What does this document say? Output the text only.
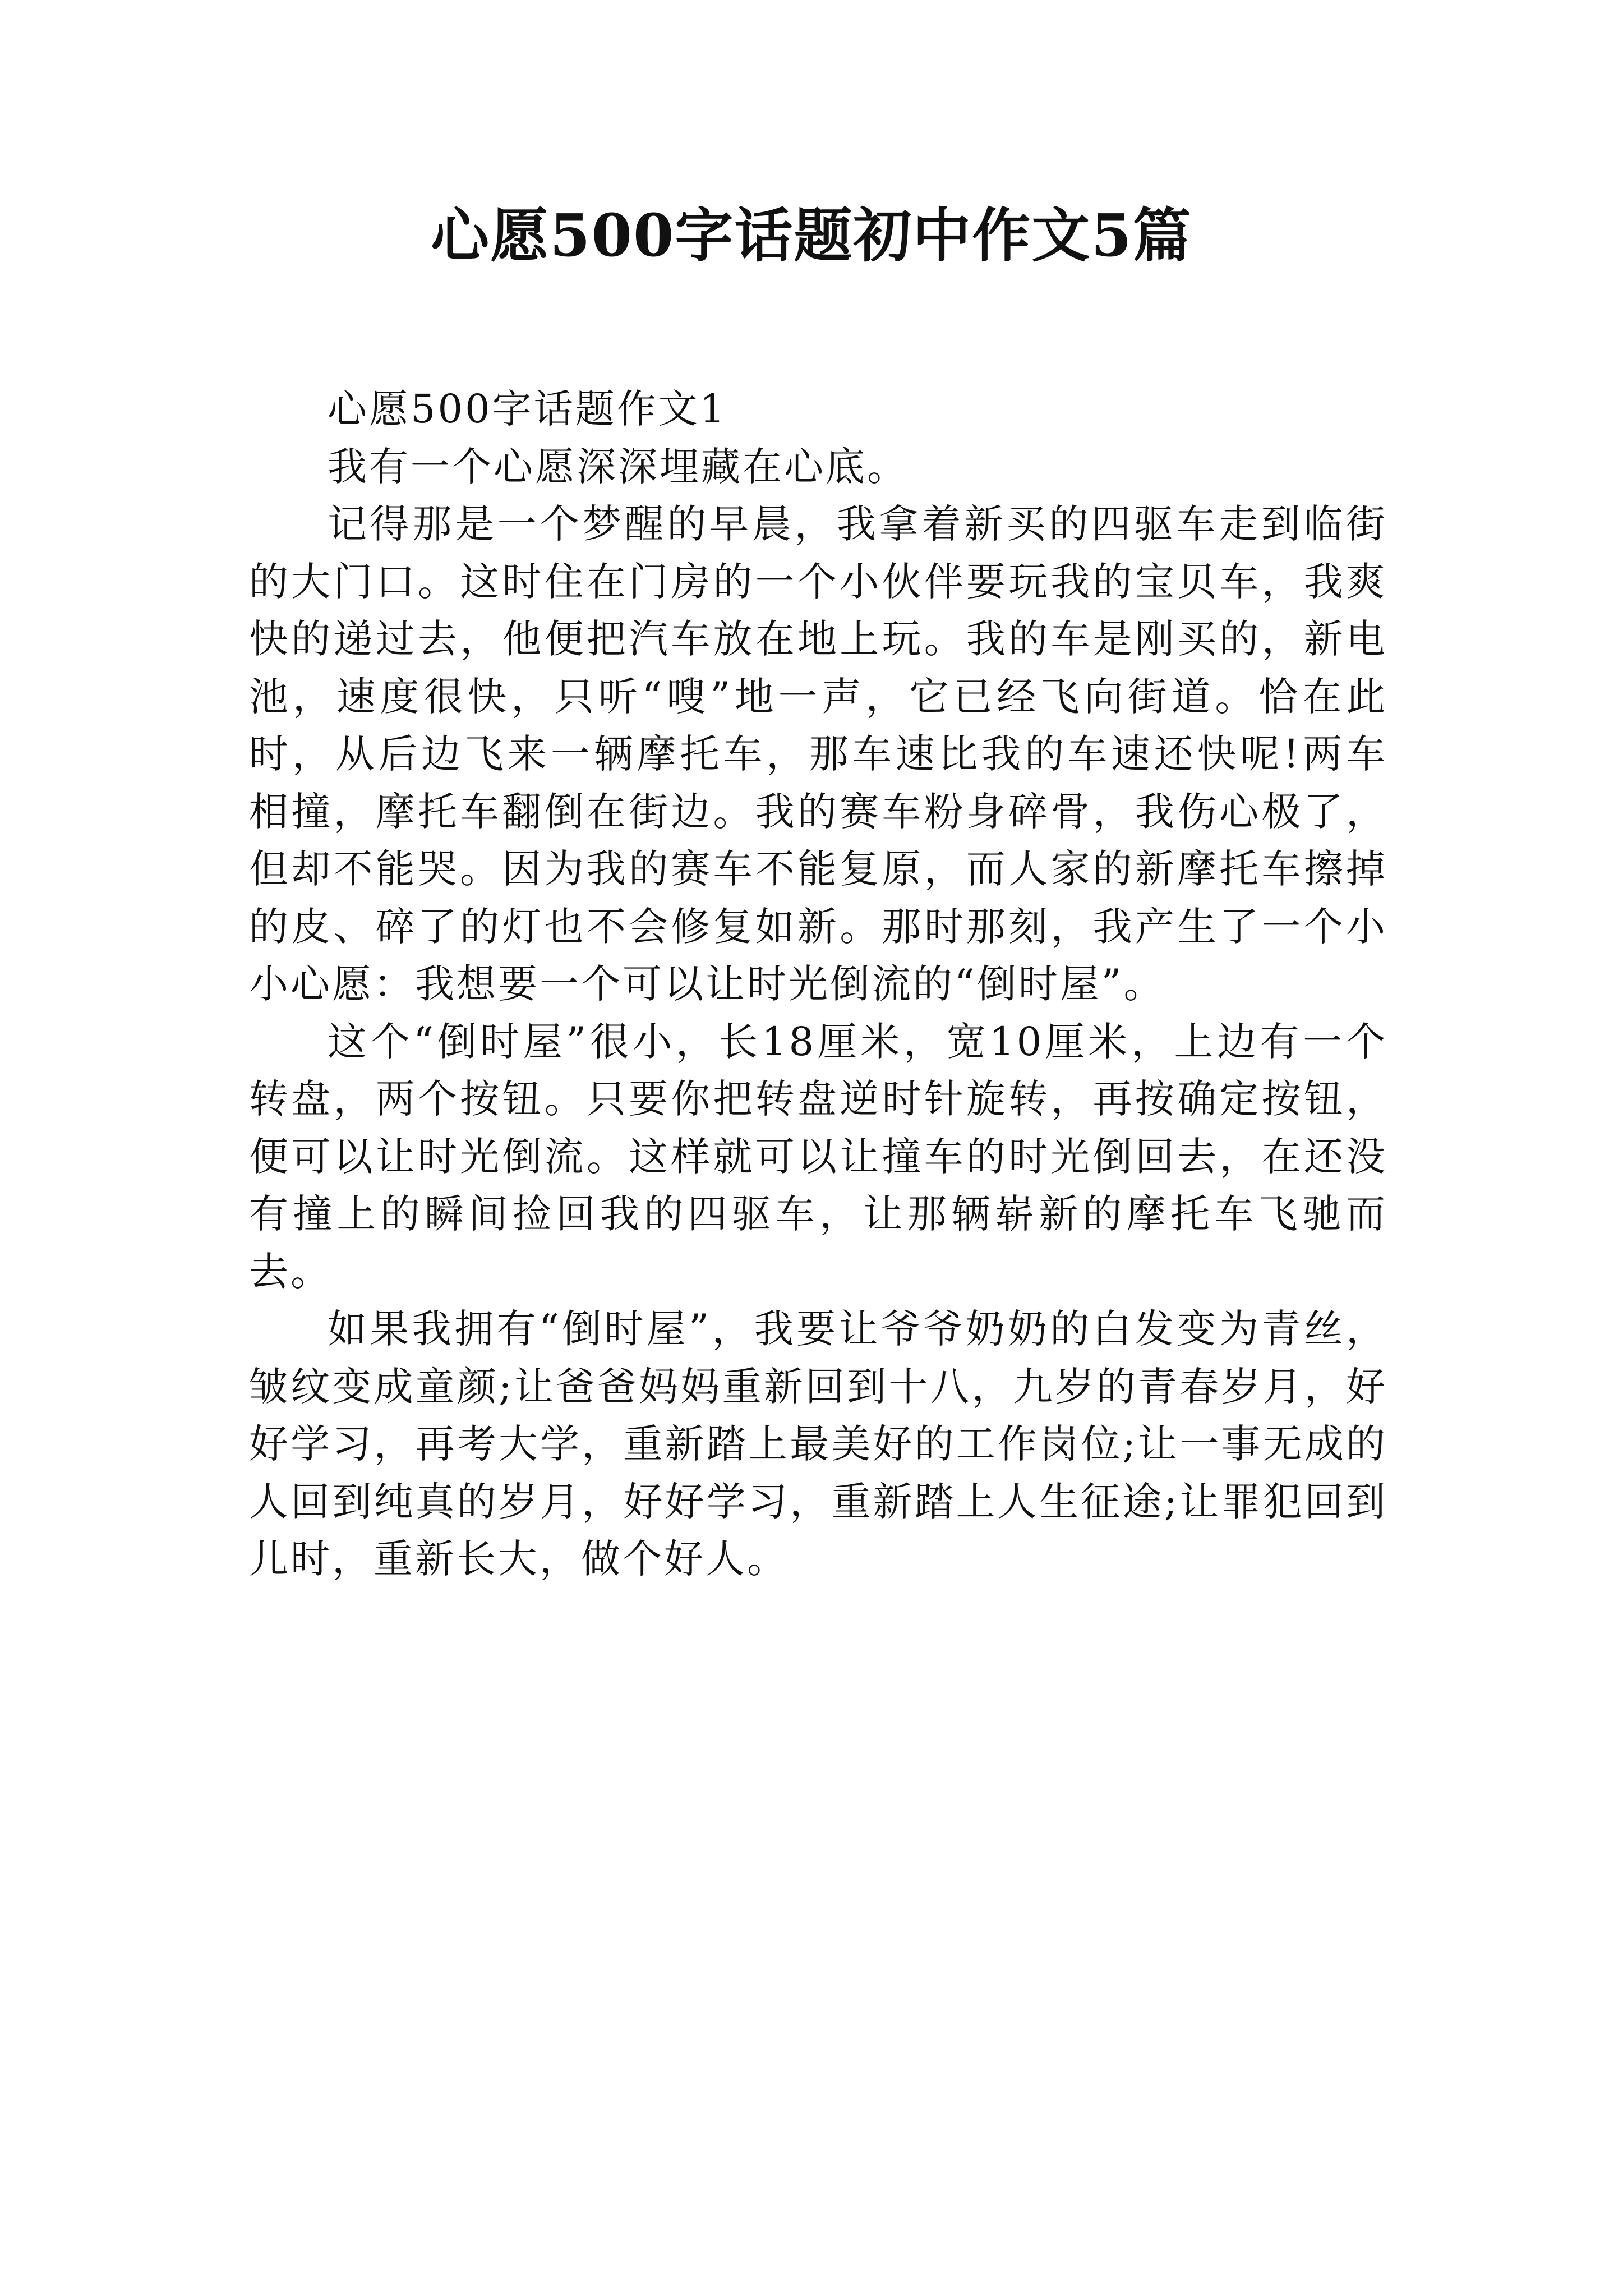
心愿500字话题初中作文5篇

心愿500字话题作文1

我有一个心愿深深埋藏在心底。

记得那是一个梦醒的早晨，我拿着新买的四驱车走到临街的大门口。这时住在门房的一个小伙伴要玩我的宝贝车，我爽快的递过去，他便把汽车放在地上玩。我的车是刚买的，新电池，速度很快，只听“嗖”地一声，它已经飞向街道。恰在此时，从后边飞来一辆摩托车，那车速比我的车速还快呢!两车相撞，摩托车翻倒在街边。我的赛车粉身碎骨，我伤心极了，但却不能哭。因为我的赛车不能复原，而人家的新摩托车擦掉的皮、碎了的灯也不会修复如新。那时那刻，我产生了一个小小心愿：我想要一个可以让时光倒流的“倒时屋”。

这个“倒时屋”很小，长18厘米，宽10厘米，上边有一个转盘，两个按钮。只要你把转盘逆时针旋转，再按确定按钮，便可以让时光倒流。这样就可以让撞车的时光倒回去，在还没有撞上的瞬间捡回我的四驱车，让那辆崭新的摩托车飞驰而去。

如果我拥有“倒时屋”，我要让爷爷奶奶的白发变为青丝，皱纹变成童颜;让爸爸妈妈重新回到十八，九岁的青春岁月，好好学习，再考大学，重新踏上最美好的工作岗位;让一事无成的人回到纯真的岁月，好好学习，重新踏上人生征途;让罪犯回到儿时，重新长大，做个好人。
